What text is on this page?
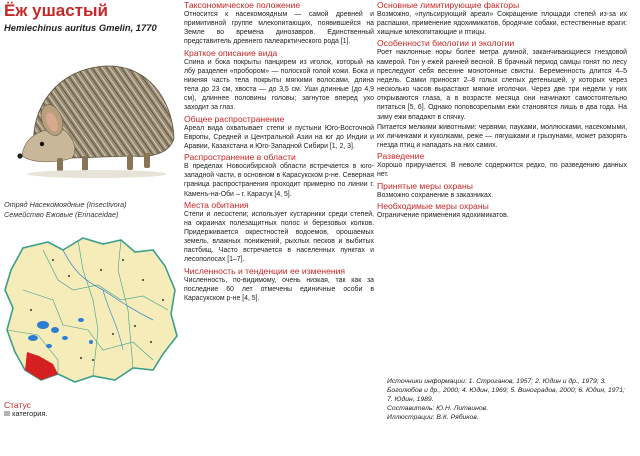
Ёж ушастый
Hemiechinus auritus Gmelin, 1770
Отряд Насекомоядные (Insectivora)
Семейство Ежовые (Erinaceidae)
Статус
III категория.
Таксономическое положение

Относится к насекомоядным — самой древней и примитивной группе млекопитающих, появившейся на Земле во времена динозавров. Единственный представитель древнего палеарктического рода [1].

Краткое описание вида

Спина и бока покрыты панцирем из иголок, который на лбу разделен «пробором» — полоской голой кожи. Бока и нижняя часть тела покрыты мягкими волосами, длина тела до 23 см, хвоста — до 3,5 см. Уши длинные (до 4,9 см), длиннее половины головы; загнутое вперед ухо заходит за глаз.

Общее распространение

Ареал вида охватывает степи и пустыни Юго-Восточной Европы, Средней и Центральной Азии на юг до Индии и Аравии, Казахстана и Юго-Западной Сибири [1, 2, 3].

Распространение в области

В пределах Новосибирской области встречается в юго-западной части, в основном в Карасукском р-не. Северная граница распространения проходит примерно по линии г. Каменъ-на-Оби – г. Карасук [4, 5].

Места обитания

Степи и лесостепи; использует кустарники среди степей, на окраинах полезащитных полос и березовых колков. Придерживается окрестностей водоемов, орошаемых земель, влажных понижений, рыхлых песков и выбитых пастбищ. Часто встречается в населенных пунктах и лесополосах [1–7].

Численность и тенденции ее изменения

Численность, по-видимому, очень низкая, так как за последние 60 лет отмечены единичные особи в Карасукском р-не [4, 5].

Основные лимитирующие факторы

Возможно, «пульсирующий ареал» Сокращение площади степей из-за их распашки, применение ядохимикатов, бродячие собаки, естественные враги: хищные млекопитающие и птицы.

Особенности биологии и экологии

Роет наклонные норы более метра длиной, заканчивающиеся гнездовой камерой. Гон у ежей ранней весной. В брачный период самцы гонят по лесу преследуют себя весенне монотонные свисты. Беременность длится 4–5 недель. Самки приносят 2–8 голых слепых детенышей, у которых через несколько часов вырастают мягкие иголочки. Через две три недели у них открываются глаза, а в возрасте месяца они начинают самостоятельно питаться [5, 6]. Однако поповозрелыми ежи становятся лишь в два года. На зиму ежи впадают в спячку.

Питается мелкими животными: червями, пауками, моллюсками, насекомыми, их личинками и куколками, реже — лягушками и грызунами, может разорять гнезда птиц и нападать на них самих.

Разведение

Хорошо приручается. В неволе содержится редко, по разведению данных нет.

Принятые меры охраны

Возможно сохранение в заказниках.

Необходимые меры охраны

Ограничение применения ядохимикатов.

Источники информации: 1. Строганов, 1957; 2. Юдин и др., 1979; 3. Боголюбов и др., 2000; 4. Юдин, 1969; 5. Виноградов, 2000; 6. Юдин, 1971; 7. Юдин, 1989.

Составитель: Ю.Н. Литвинов.

Иллюстрации: В.К. Рябиков.
